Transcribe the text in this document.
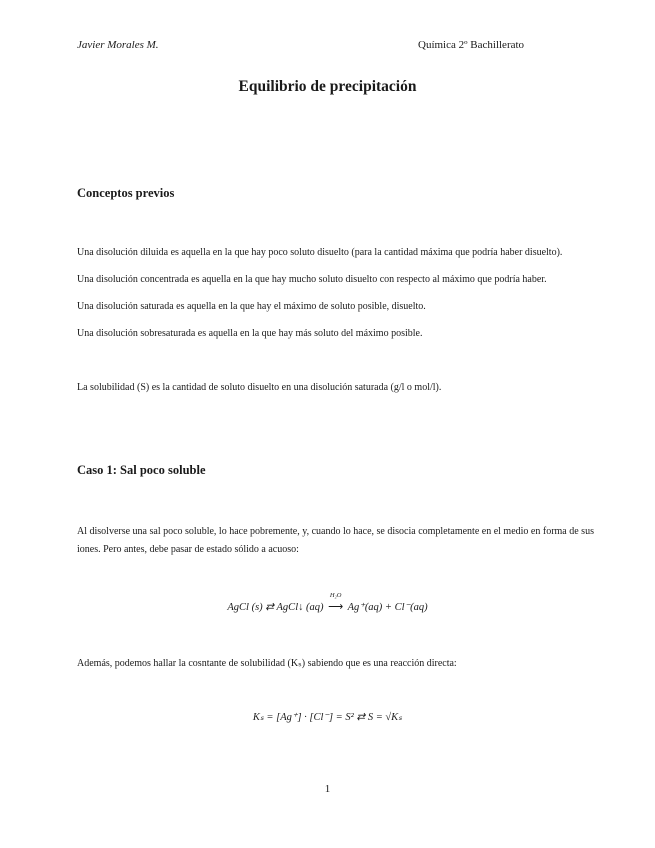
Javier Morales M.	Química 2º Bachillerato
Equilibrio de precipitación
Conceptos previos
Una disolución diluida es aquella en la que hay poco soluto disuelto (para la cantidad máxima que podría haber disuelto).
Una disolución concentrada es aquella en la que hay mucho soluto disuelto con respecto al máximo que podría haber.
Una disolución saturada es aquella en la que hay el máximo de soluto posible, disuelto.
Una disolución sobresaturada es aquella en la que hay más soluto del máximo posible.
La solubilidad (S) es la cantidad de soluto disuelto en una disolución saturada (g/l o mol/l).
Caso 1: Sal poco soluble
Al disolverse una sal poco soluble, lo hace pobremente, y, cuando lo hace, se disocia completamente en el medio en forma de sus iones. Pero antes, debe pasar de estado sólido a acuoso:
AgCl (s) ⇄ AgCl↓ (aq)
H₂O
⟶ Ag⁺(aq) + Cl⁻(aq)
Además, podemos hallar la cosntante de solubilidad (Kₛ) sabiendo que es una reacción directa:
Kₛ = [Ag⁺] · [Cl⁻] = S² ⇄ S = √Kₛ
1
